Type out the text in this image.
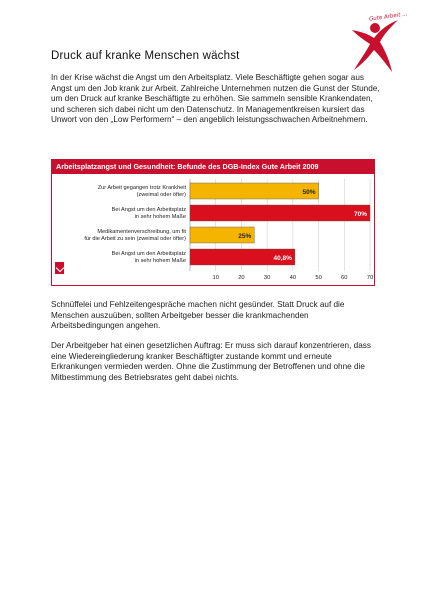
Gute Arbeit ...
Druck auf kranke Menschen wächst

In der Krise wächst die Angst um den Arbeitsplatz. Viele Beschäftigte gehen sogar aus Angst um den Job krank zur Arbeit. Zahlreiche Unternehmen nutzen die Gunst der Stunde, um den Druck auf kranke Beschäftigte zu erhöhen. Sie sammeln sensible Krankendaten, und scheren sich dabei nicht um den Datenschutz. In Managementkreisen kursiert das Unwort von den „Low Performern“ – den angeblich leistungsschwachen Arbeitnehmern.

Arbeitsplatzangst und Gesundheit: Befunde des DGB-Index Gute Arbeit 2009
50%
Zur Arbeit gegangen trotz Krankheit
(zweimal oder öfter)
70%
Bei Angst um den Arbeitsplatz
in sehr hohem Maße
25%
Medikamentenverschreibung, um fit
für die Arbeit zu sein (zweimal oder öfter)
40,8%
Bei Angst um den Arbeitsplatz
in sehr hohem Maße
10	20	30	40	50	60	70

Schnüffelei und Fehlzeitengespräche machen nicht gesünder. Statt Druck auf die Menschen auszuüben, sollten Arbeitgeber besser die krankmachenden Arbeitsbedingungen angehen.

Der Arbeitgeber hat einen gesetzlichen Auftrag: Er muss sich darauf konzentrieren, dass eine Wiedereingliederung kranker Beschäftigter zustande kommt und erneute Erkrankungen vermieden werden. Ohne die Zustimmung der Betroffenen und ohne die Mitbestimmung des Betriebsrates geht dabei nichts.
